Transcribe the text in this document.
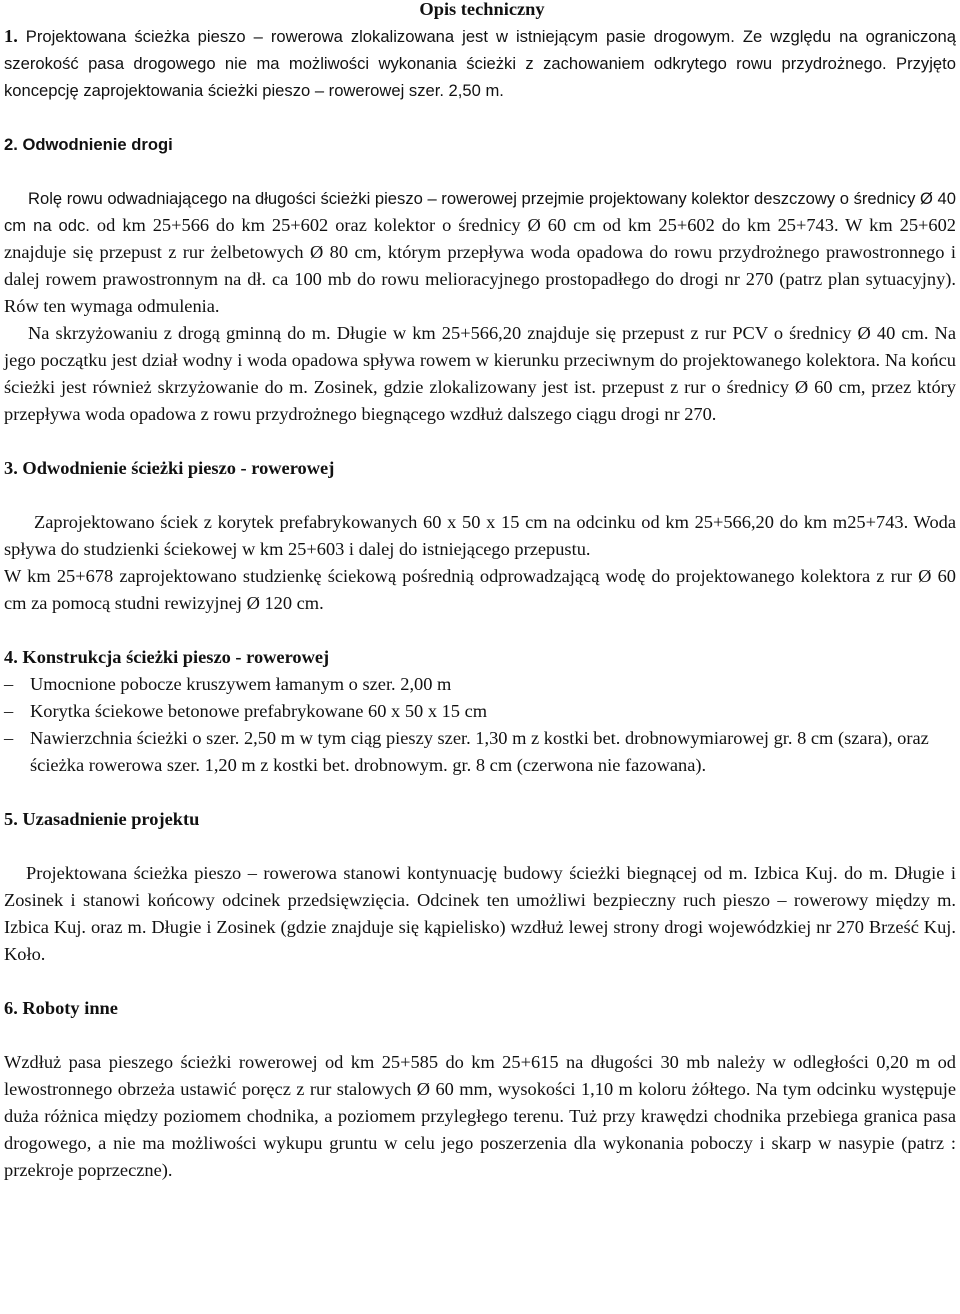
Opis techniczny

1. Projektowana ścieżka pieszo – rowerowa zlokalizowana jest w istniejącym pasie drogowym. Ze względu na ograniczoną szerokość pasa drogowego nie ma możliwości wykonania ścieżki z zachowaniem odkrytego rowu przydrożnego. Przyjęto koncepcję zaprojektowania ścieżki pieszo – rowerowej szer. 2,50 m.

2. Odwodnienie drogi

Rolę rowu odwadniającego na długości ścieżki pieszo – rowerowej przejmie projektowany kolektor deszczowy o średnicy Ø 40 cm na odc. od km 25+566 do km 25+602 oraz kolektor o średnicy Ø 60 cm od km 25+602 do km 25+743. W km 25+602 znajduje się przepust z rur żelbetowych Ø 80 cm, którym przepływa woda opadowa do rowu przydrożnego prawostronnego i dalej rowem prawostronnym na dł. ca 100 mb do rowu melioracyjnego prostopadłego do drogi nr 270 (patrz plan sytuacyjny). Rów ten wymaga odmulenia.

Na skrzyżowaniu z drogą gminną do m. Długie w km 25+566,20 znajduje się przepust z rur PCV o średnicy Ø 40 cm. Na jego początku jest dział wodny i woda opadowa spływa rowem w kierunku przeciwnym do projektowanego kolektora. Na końcu ścieżki jest również skrzyżowanie do m. Zosinek, gdzie zlokalizowany jest ist. przepust z rur o średnicy Ø 60 cm, przez który przepływa woda opadowa z rowu przydrożnego biegnącego wzdłuż dalszego ciągu drogi nr 270.

3. Odwodnienie ścieżki pieszo - rowerowej

Zaprojektowano ściek z korytek prefabrykowanych 60 x 50 x 15 cm na odcinku od km 25+566,20 do km m25+743. Woda spływa do studzienki ściekowej w km 25+603 i dalej do istniejącego przepustu.

W km 25+678 zaprojektowano studzienkę ściekową pośrednią odprowadzającą wodę do projektowanego kolektora z rur Ø 60 cm za pomocą studni rewizyjnej Ø 120 cm.

4. Konstrukcja ścieżki pieszo - rowerowej
– Umocnione pobocze kruszywem łamanym o szer. 2,00 m
– Korytka ściekowe betonowe prefabrykowane 60 x 50 x 15 cm
– Nawierzchnia ścieżki o szer. 2,50 m w tym ciąg pieszy szer. 1,30 m z kostki bet. drobnowymiarowej gr. 8 cm (szara), oraz ścieżka rowerowa szer. 1,20 m z kostki bet. drobnowym. gr. 8 cm (czerwona nie fazowana).
5. Uzasadnienie projektu

Projektowana ścieżka pieszo – rowerowa stanowi kontynuację budowy ścieżki biegnącej od m. Izbica Kuj. do m. Długie i Zosinek i stanowi końcowy odcinek przedsięwzięcia. Odcinek ten umożliwi bezpieczny ruch pieszo – rowerowy między m. Izbica Kuj. oraz m. Długie i Zosinek (gdzie znajduje się kąpielisko) wzdłuż lewej strony drogi wojewódzkiej nr 270 Brześć Kuj. Koło.

6. Roboty inne

Wzdłuż pasa pieszego ścieżki rowerowej od km 25+585 do km 25+615 na długości 30 mb należy w odległości 0,20 m od lewostronnego obrzeża ustawić poręcz z rur stalowych Ø 60 mm, wysokości 1,10 m koloru żółtego. Na tym odcinku występuje duża różnica między poziomem chodnika, a poziomem przyległego terenu. Tuż przy krawędzi chodnika przebiega granica pasa drogowego, a nie ma możliwości wykupu gruntu w celu jego poszerzenia dla wykonania poboczy i skarp w nasypie (patrz : przekroje poprzeczne).
